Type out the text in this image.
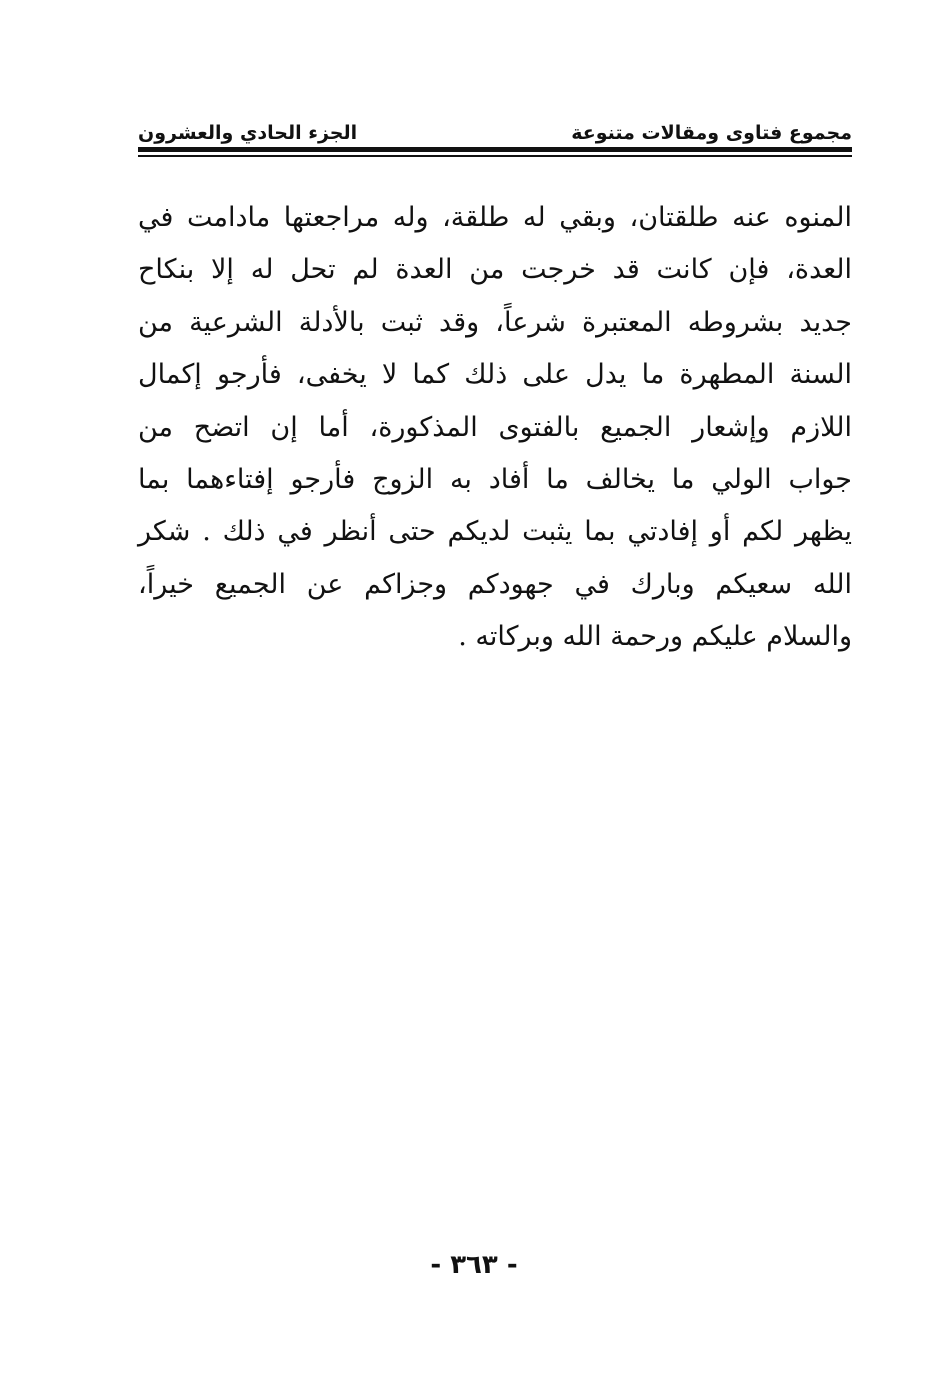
مجموع فتاوى ومقالات متنوعة
الجزء الحادي والعشرون
المنوه عنه طلقتان، وبقي له طلقة، وله مراجعتها مادامت في
العدة، فإن كانت قد خرجت من العدة لم تحل له إلا بنكاح
جديد بشروطه المعتبرة شرعاً، وقد ثبت بالأدلة الشرعية من
السنة المطهرة ما يدل على ذلك كما لا يخفى، فأرجو إكمال
اللازم وإشعار الجميع بالفتوى المذكورة، أما إن اتضح من
جواب الولي ما يخالف ما أفاد به الزوج فأرجو إفتاءهما بما
يظهر لكم أو إفادتي بما يثبت لديكم حتى أنظر في ذلك . شكر
الله سعيكم وبارك في جهودكم وجزاكم عن الجميع خيراً،
والسلام عليكم ورحمة الله وبركاته .
- ٣٦٣ -
